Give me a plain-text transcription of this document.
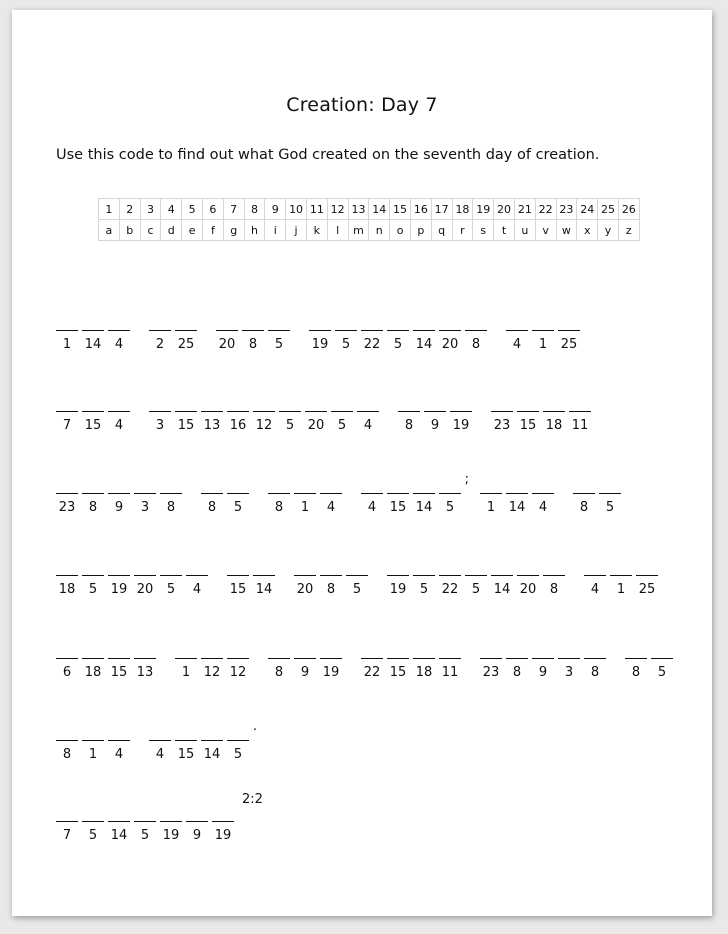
Creation: Day 7
Use this code to find out what God created on the seventh day of creation.
1	2	3	4	5	6	7	8	9	10	11	12	13	14	15	16	17	18	19	20	21	22	23	24	25	26
a	b	c	d	e	f	g	h	i	j	k	l	m	n	o	p	q	r	s	t	u	v	w	x	y	z
1	14	4	2	25 20	8	5	19	5	22	5	14 20	8	4	1	25
7	15	4	3	15 13 16 12	5	20	5	4	8	9	19 23 15 18 11
23	8	9	3	8	8	5	8	1	4	4	15 14
;
5	1	14	4	8	5
18	5	19 20	5	4	15 14 20	8	5	19	5	22	5	14 20	8	4	1	25
6	18 15 13	1	12 12	8	9	19 22 15 18 11 23	8	9	3	8	8	5
8	1	4	4	15 14
.
5
7	5	14	5	19	9	19
2:2
